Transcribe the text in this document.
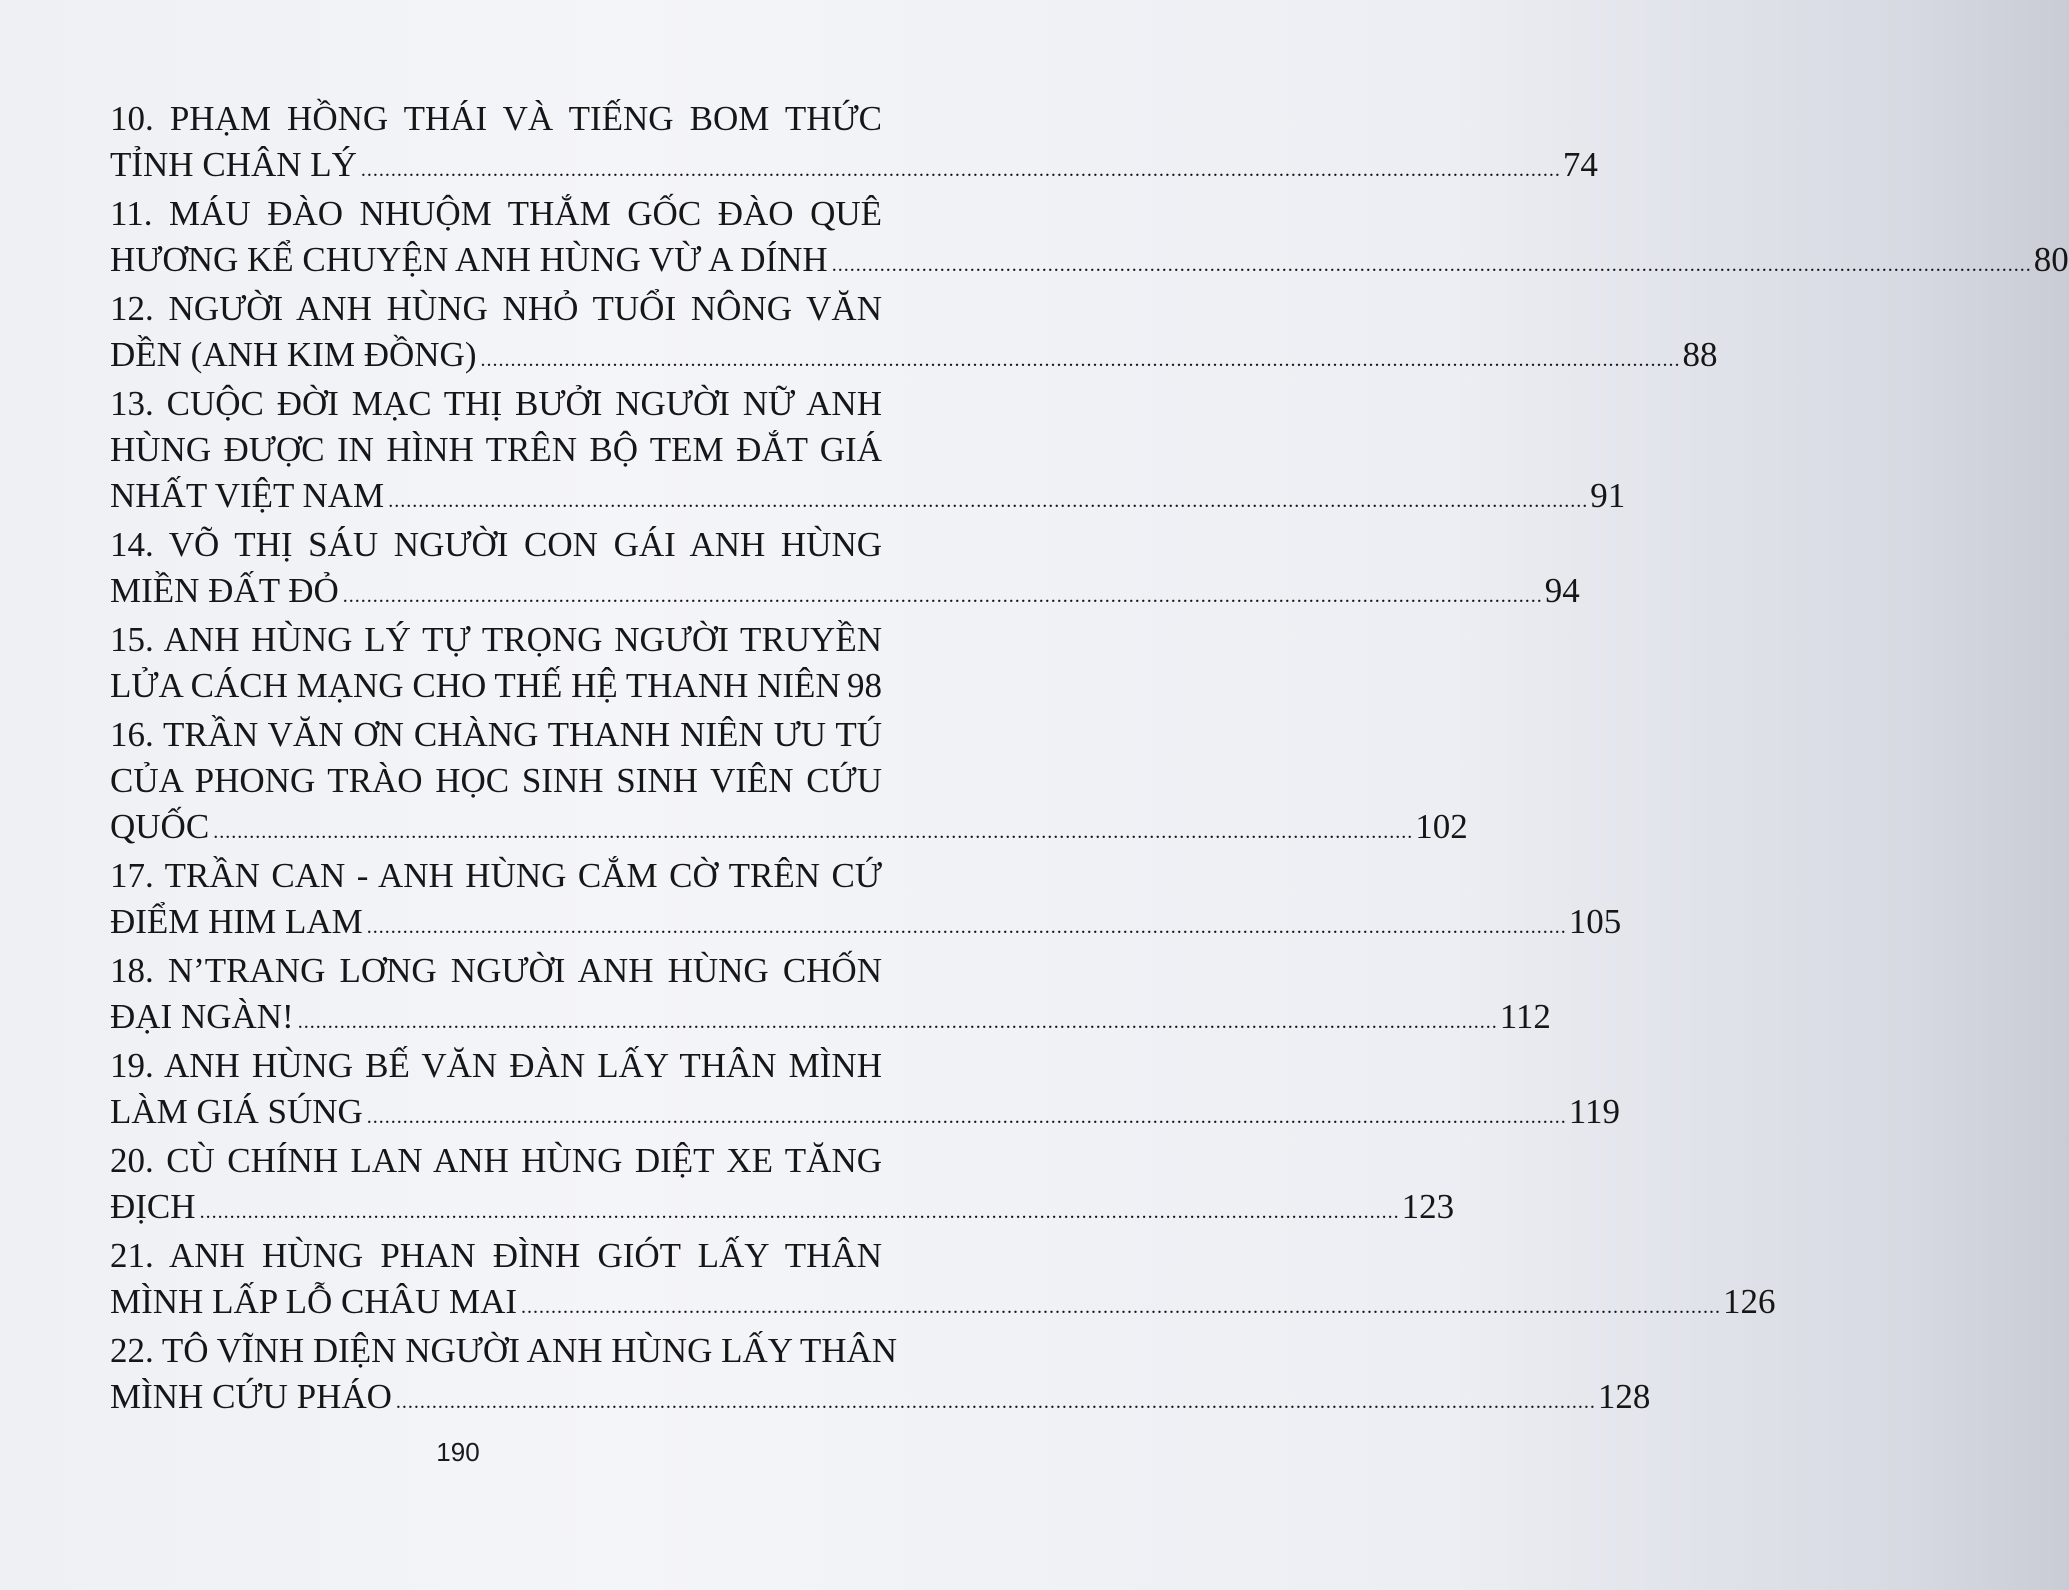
10. PHẠM HỒNG THÁI VÀ TIẾNG BOM THỨC
TỈNH CHÂN LÝ ........................................................................................................................................................................................................ 74
11. MÁU ĐÀO NHUỘM THẮM GỐC ĐÀO QUÊ
HƯƠNG KỂ CHUYỆN ANH HÙNG VỪ A DÍNH ........................................................................................................................................................................................................ 80
12. NGƯỜI ANH HÙNG NHỎ TUỔI NÔNG VĂN
DỀN (ANH KIM ĐỒNG) ........................................................................................................................................................................................................ 88
13. CUỘC ĐỜI MẠC THỊ BƯỞI NGƯỜI NỮ ANH
HÙNG ĐƯỢC IN HÌNH TRÊN BỘ TEM ĐẮT GIÁ
NHẤT VIỆT NAM ........................................................................................................................................................................................................ 91
14. VÕ THỊ SÁU NGƯỜI CON GÁI ANH HÙNG
MIỀN ĐẤT ĐỎ ........................................................................................................................................................................................................ 94
15. ANH HÙNG LÝ TỰ TRỌNG NGƯỜI TRUYỀN
LỬA CÁCH MẠNG CHO THẾ HỆ THANH NIÊN 98
16. TRẦN VĂN ƠN CHÀNG THANH NIÊN ƯU TÚ
CỦA PHONG TRÀO HỌC SINH SINH VIÊN CỨU
QUỐC ........................................................................................................................................................................................................ 102
17. TRẦN CAN - ANH HÙNG CẮM CỜ TRÊN CỨ
ĐIỂM HIM LAM ........................................................................................................................................................................................................ 105
18. N’TRANG LƠNG NGƯỜI ANH HÙNG CHỐN
ĐẠI NGÀN! ........................................................................................................................................................................................................ 112
19. ANH HÙNG BẾ VĂN ĐÀN LẤY THÂN MÌNH
LÀM GIÁ SÚNG ........................................................................................................................................................................................................ 119
20. CÙ CHÍNH LAN ANH HÙNG DIỆT XE TĂNG
ĐỊCH ........................................................................................................................................................................................................ 123
21. ANH HÙNG PHAN ĐÌNH GIÓT LẤY THÂN
MÌNH LẤP LỖ CHÂU MAI ........................................................................................................................................................................................................ 126
22. TÔ VĨNH DIỆN NGƯỜI ANH HÙNG LẤY THÂN
MÌNH CỨU PHÁO ........................................................................................................................................................................................................ 128
190
